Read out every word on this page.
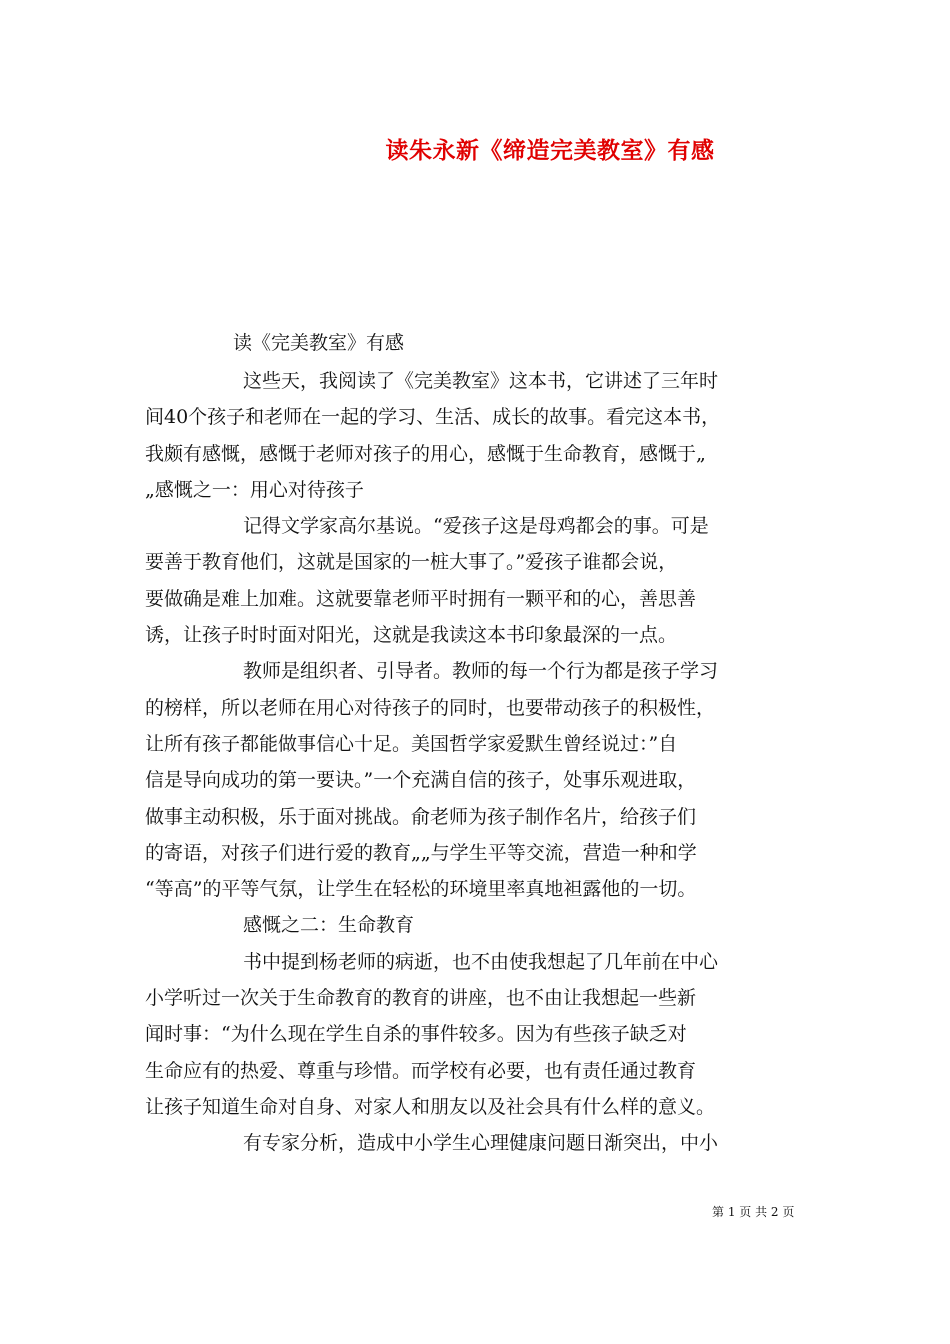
读朱永新《缔造完美教室》有感
读《完美教室》有感
这些天，我阅读了《完美教室》这本书，它讲述了三年时
间40个孩子和老师在一起的学习、生活、成长的故事。看完这本书，
我颇有感慨，感慨于老师对孩子的用心，感慨于生命教育，感慨于„
„感慨之一：用心对待孩子
记得文学家高尔基说。“爱孩子这是母鸡都会的事。可是
要善于教育他们，这就是国家的一桩大事了。”爱孩子谁都会说，
要做确是难上加难。这就要靠老师平时拥有一颗平和的心，善思善
诱，让孩子时时面对阳光，这就是我读这本书印象最深的一点。
教师是组织者、引导者。教师的每一个行为都是孩子学习
的榜样，所以老师在用心对待孩子的同时，也要带动孩子的积极性，
让所有孩子都能做事信心十足。美国哲学家爱默生曾经说过：”自
信是导向成功的第一要诀。”一个充满自信的孩子，处事乐观进取，
做事主动积极，乐于面对挑战。俞老师为孩子制作名片，给孩子们
的寄语，对孩子们进行爱的教育„„与学生平等交流，营造一种和学
“等高”的平等气氛，让学生在轻松的环境里率真地袒露他的一切。
感慨之二：生命教育
书中提到杨老师的病逝，也不由使我想起了几年前在中心
小学听过一次关于生命教育的教育的讲座，也不由让我想起一些新
闻时事：“为什么现在学生自杀的事件较多。因为有些孩子缺乏对
生命应有的热爱、尊重与珍惜。而学校有必要，也有责任通过教育
让孩子知道生命对自身、对家人和朋友以及社会具有什么样的意义。
有专家分析，造成中小学生心理健康问题日渐突出，中小
第 1 页 共 2 页
